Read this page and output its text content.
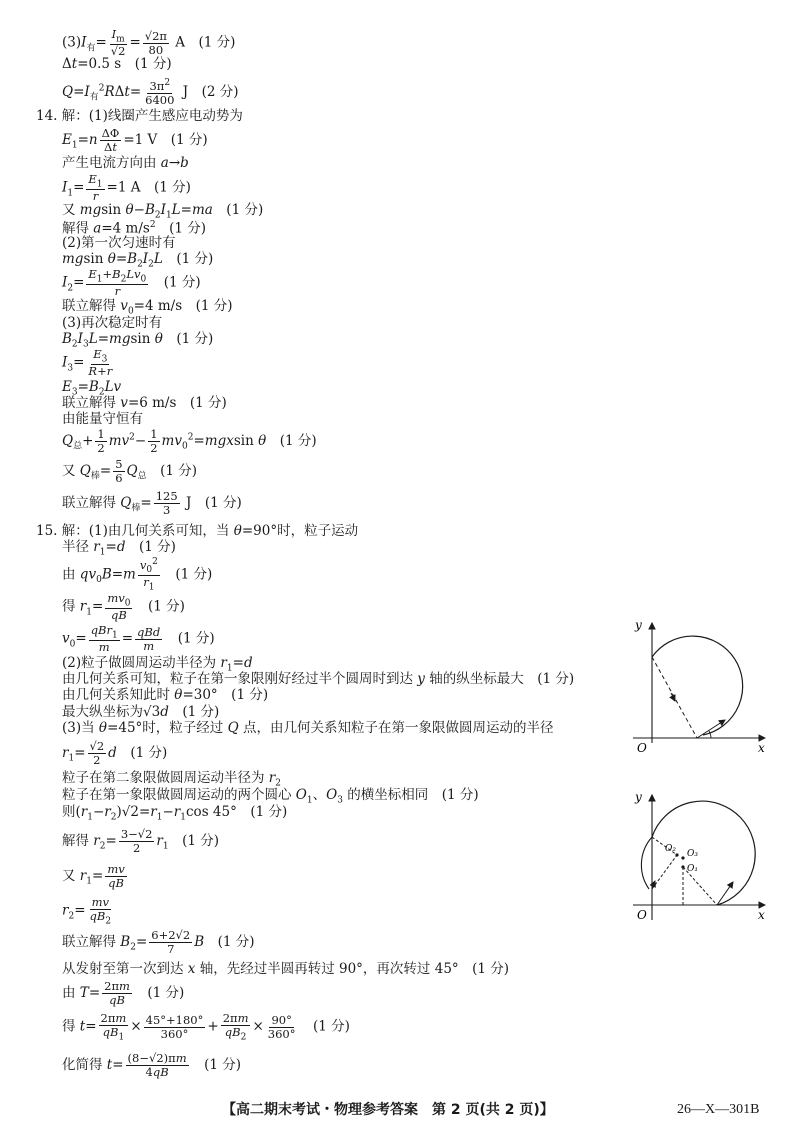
$(3)I_有= \frac{I_m}{√2} = \frac{√2\pi}{80}$ A　(1 分)
Δt=0.5 s　(1 分)
$Q=I_有^2R\Delta t= \frac{3\pi^2}{6400}$ J　(2 分)
14. 解：(1)线圈产生感应电动势为
$E_1=n \frac{\Delta\Phi}{\Delta t} =1$ V　(1 分)
产生电流方向由 a→b
$I_1= \frac{E_1}{r} =1$ A　(1 分)
又 mgsin $\theta-B_2I_1L=ma$　(1 分)
解得 a=4 $m/s^2$　(1 分)
(2)第一次匀速时有
mgsin $\theta=B_2I_2L$　(1 分)
$I_2= \frac{E_1+B_2Lv_0}{r}$ 　(1 分)
联立解得 $v_0=4$ m/s　(1 分)
(3)再次稳定时有
$B_2I_3L=mgsin$ θ　(1 分)
$I_3= \frac{E_3}{R+r}$
$E_3=B_2Lv$
联立解得 v=6 m/s　(1 分)
由能量守恒有
$Q_总+ \frac{1}{2} mv^2- \frac{1}{2} mv_0^2=mgxsin$ θ　(1 分)
又 $Q_棒= \frac{5}{6} Q_总$　(1 分)
联立解得 $Q_棒= \frac{125}{3}$ J　(1 分)
15. 解：(1)由几何关系可知，当 θ=90°时，粒子运动
半径 $r_1=d$　(1 分)
由 $qv_0B=m \frac{v_0^2}{r_1}$ 　(1 分)
得 $r_1= \frac{mv_0}{qB}$ 　(1 分)
$v_0= \frac{qBr_1}{m} = \frac{\text{qBd}}{m}$ 　(1 分)
(2)粒子做圆周运动半径为 $r_1=d$
由几何关系可知，粒子在第一象限刚好经过半个圆周时到达 y 轴的纵坐标最大　(1 分)
由几何关系知此时 θ=30°　(1 分)
最大纵坐标为√3d　(1 分)
(3)当 θ=45°时，粒子经过 Q 点，由几何关系知粒子在第一象限做圆周运动的半径
$r_1= \frac{√2}{2}$ d　(1 分)
粒子在第二象限做圆周运动半径为 $r_2$
粒子在第一象限做圆周运动的两个圆心 $O_1$、$O_3$ 的横坐标相同　(1 分)
则$(r_1-r_2)√2=r_1-r_1\cos$ 45°　(1 分)
解得 $r_2= \frac{3-√2}{2} r_1$　(1 分)
又 $r_1= \frac{mv}{qB}$
$r_2= \frac{mv}{qB_2}$
联立解得 $B_2= \frac{6+2√2}{7}$ B　(1 分)
从发射至第一次到达 x 轴，先经过半圆再转过 90°，再次转过 45°　(1 分)
由 $T= \frac{2\pi m}{qB}$ 　(1 分)
得 $t= \frac{2\pi m}{qB_1} \times \frac{45^\circ+180^\circ}{360^\circ} + \frac{2\pi m}{qB_2} \times \frac{90^\circ}{360^\circ}$ 　(1 分)
化简得 $t= \frac{(8-√2)\pi m}{4qB}$ 　(1 分)
y
x
O
y
x
O
O₂ O₃
O₁
【高二期末考试・物理参考答案　第 2 页(共 2 页)】	26—X—301B
